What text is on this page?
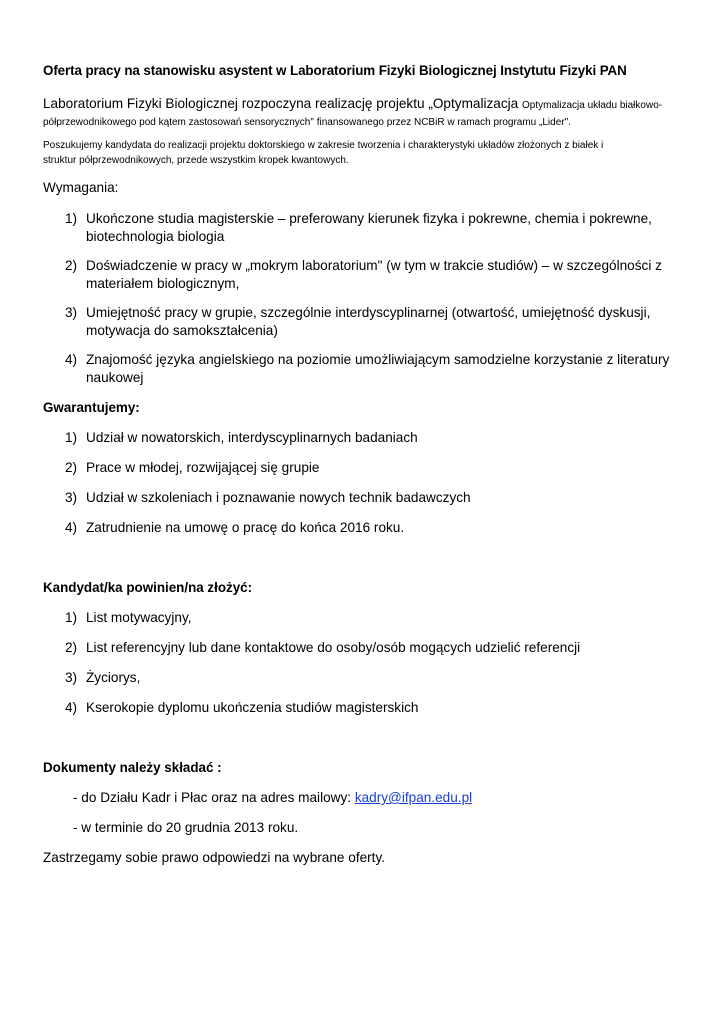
Oferta pracy na stanowisku asystent w Laboratorium Fizyki Biologicznej Instytutu Fizyki PAN
Laboratorium Fizyki Biologicznej rozpoczyna realizację projektu „Optymalizacja Optymalizacja układu białkowo-
półprzewodnikowego pod kątem zastosowań sensorycznych" finansowanego przez NCBiR w ramach programu „Lider".
Poszukujemy kandydata do realizacji projektu doktorskiego w zakresie tworzenia i charakterystyki układów złożonych z białek i
struktur półprzewodnikowych, przede wszystkim kropek kwantowych.
Wymagania:
1) Ukończone studia magisterskie – preferowany kierunek fizyka i pokrewne, chemia i pokrewne,
biotechnologia biologia
2) Doświadczenie w pracy w „mokrym laboratorium" (w tym w trakcie studiów) – w szczególności z
materiałem biologicznym,
3) Umiejętność pracy w grupie, szczególnie interdyscyplinarnej (otwartość, umiejętność dyskusji,
motywacja do samokształcenia)
4) Znajomość języka angielskiego na poziomie umożliwiającym samodzielne korzystanie z literatury
naukowej
Gwarantujemy:
1) Udział w nowatorskich, interdyscyplinarnych badaniach
2) Prace w młodej, rozwijającej się grupie
3) Udział w szkoleniach i poznawanie nowych technik badawczych
4) Zatrudnienie na umowę o pracę do końca 2016 roku.
Kandydat/ka powinien/na złożyć:
1) List motywacyjny,
2) List referencyjny lub dane kontaktowe do osoby/osób mogących udzielić referencji
3) Życiorys,
4) Kserokopie dyplomu ukończenia studiów magisterskich
Dokumenty należy składać :
- do Działu Kadr i Płac oraz na adres mailowy: kadry@ifpan.edu.pl
- w terminie do 20 grudnia 2013 roku.
Zastrzegamy sobie prawo odpowiedzi na wybrane oferty.
